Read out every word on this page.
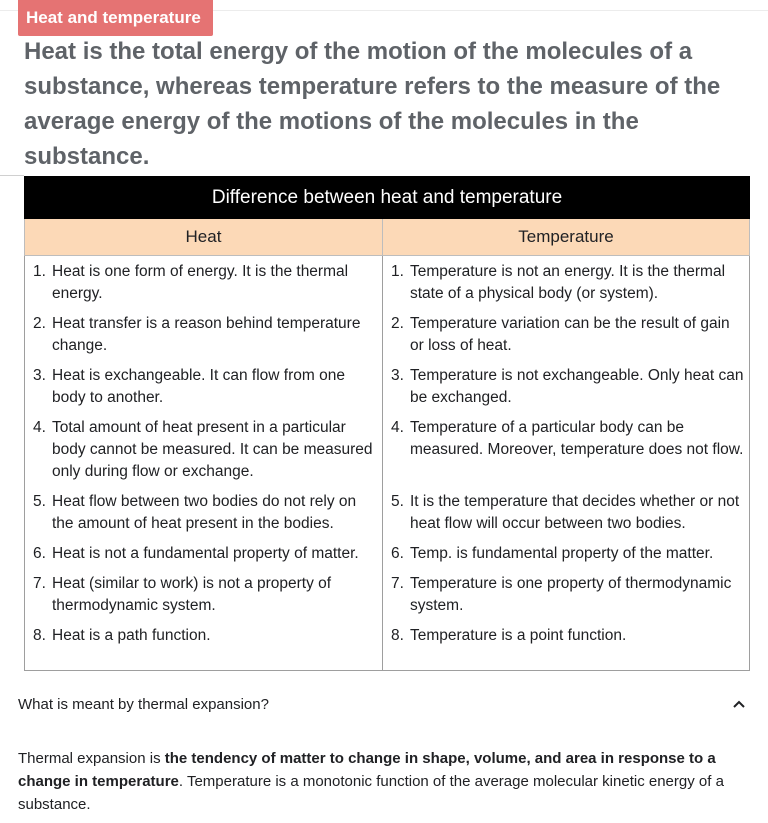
Heat and temperature
Heat is the total energy of the motion of the molecules of a substance, whereas temperature refers to the measure of the average energy of the motions of the molecules in the substance.
Difference between heat and temperature	
Heat	Temperature

1. Heat is one form of energy. It is the thermal energy.	1. Temperature is not an energy. It is the thermal state of a physical body (or system).

2. Heat transfer is a reason behind temperature change.	2. Temperature variation can be the result of gain or loss of heat.

3. Heat is exchangeable. It can flow from one body to another.	3. Temperature is not exchangeable. Only heat can be exchanged.

4. Total amount of heat present in a particular body cannot be measured. It can be measured only during flow or exchange.	4. Temperature of a particular body can be measured. Moreover, temperature does not flow.

5. Heat flow between two bodies do not rely on the amount of heat present in the bodies.	5. It is the temperature that decides whether or not heat flow will occur between two bodies.

6. Heat is not a fundamental property of matter.	6. Temp. is fundamental property of the matter.

7. Heat (similar to work) is not a property of thermodynamic system.	7. Temperature is one property of thermodynamic system.

8. Heat is a path function.	8. Temperature is a point function.
What is meant by thermal expansion?
Thermal expansion is the tendency of matter to change in shape, volume, and area in response to a change in temperature. Temperature is a monotonic function of the average molecular kinetic energy of a substance.
